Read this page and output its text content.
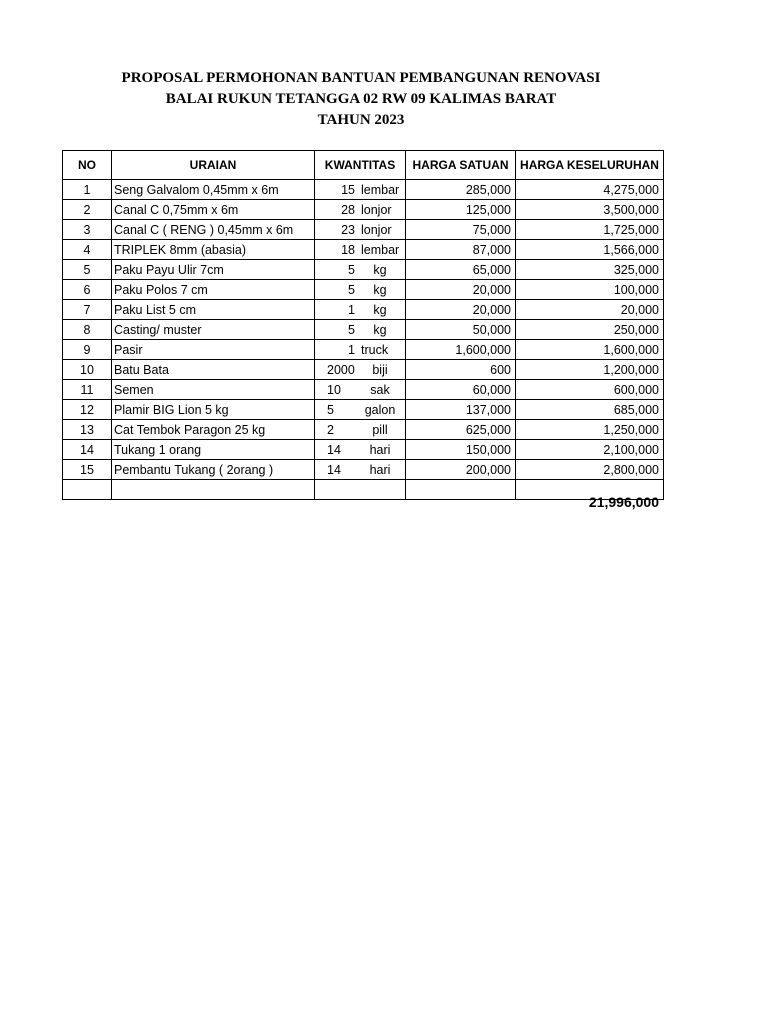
PROPOSAL PERMOHONAN BANTUAN PEMBANGUNAN RENOVASI
BALAI RUKUN TETANGGA 02 RW 09 KALIMAS BARAT
TAHUN 2023
NO	URAIAN	KWANTITAS	HARGA SATUAN	HARGA KESELURUHAN
1	Seng Galvalom 0,45mm x 6m	15 lembar	285,000	4,275,000
2	Canal C 0,75mm x 6m	28 lonjor	125,000	3,500,000
3	Canal C ( RENG ) 0,45mm x 6m	23 lonjor	75,000	1,725,000
4	TRIPLEK 8mm (abasia)	18 lembar	87,000	1,566,000
5	Paku Payu Ulir 7cm	5 kg	65,000	325,000
6	Paku Polos 7 cm	5 kg	20,000	100,000
7	Paku List 5 cm	1 kg	20,000	20,000
8	Casting/ muster	5 kg	50,000	250,000
9	Pasir	1 truck	1,600,000	1,600,000
10	Batu Bata	2000 biji	600	1,200,000
11	Semen	10 sak	60,000	600,000
12	Plamir BIG Lion 5 kg	5 galon	137,000	685,000
13	Cat Tembok Paragon 25 kg	2 pill	625,000	1,250,000
14	Tukang 1 orang	14 hari	150,000	2,100,000
15	Pembantu Tukang ( 2orang )	14 hari	200,000	2,800,000

21,996,000
